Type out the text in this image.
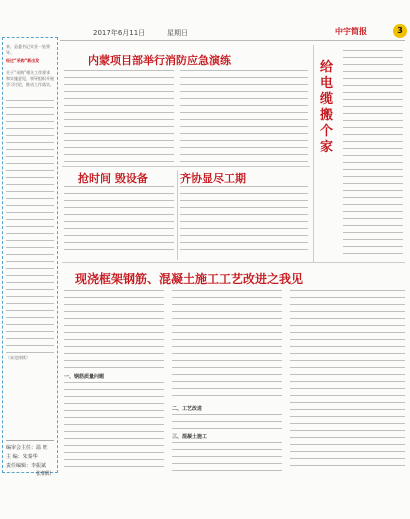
2017年6月11日	星期日	中宇简报	3
来，县委书记实业一处领导。
经过“采购”新出发
关于“采购”相关工作要求和实施意见，领导组织开展学习讨论，推动工作落实。
（未完待续）
编审会主任：温 旺
主 编：朱秦华
责任编辑：李振斌
张朝阳
内蒙项目部举行消防应急演练	给电缆搬个家
抢时间 毁设备	齐协显尽工期
现浇框架钢筋、混凝土施工工艺改进之我见
一、钢筋质量问题
二、工艺改进
三、混凝土施工
